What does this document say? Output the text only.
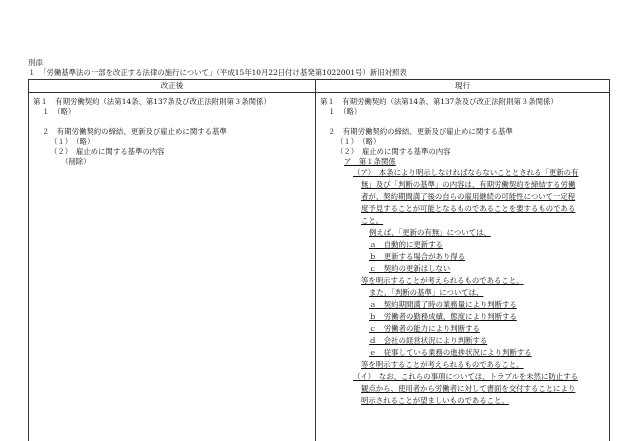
別添
１　「労働基準法の一部を改正する法律の施行について」（平成15年10月22日付け基発第1022001号）新旧対照表
改正後	現行
第１　有期労働契約（法第14条、第137条及び改正法附則第３条関係）
１　（略）
２　有期労働契約の締結、更新及び雇止めに関する基準
（１）　（略）
（２）　雇止めに関する基準の内容
（削除）
第１　有期労働契約（法第14条、第137条及び改正法附則第３条関係）
１　（略）
２　有期労働契約の締結、更新及び雇止めに関する基準
（１）　（略）
（２）　雇止めに関する基準の内容
ア　第１条関係
（ア）　本条により明示しなければならないこととされる「更新の有
無」及び「判断の基準」の内容は、有期労働契約を締結する労働
者が、契約期間満了後の自らの雇用継続の可能性について一定程
度予見することが可能となるものであることを要するものである
こと。
例えば、「更新の有無」については、
ａ　自動的に更新する
ｂ　更新する場合があり得る
ｃ　契約の更新はしない
等を明示することが考えられるものであること。
また、「判断の基準」については、
ａ　契約期間満了時の業務量により判断する
ｂ　労働者の勤務成績、態度により判断する
ｃ　労働者の能力により判断する
ｄ　会社の経営状況により判断する
ｅ　従事している業務の進捗状況により判断する
等を明示することが考えられるものであること。
（イ）　なお、これらの事項については、トラブルを未然に防止する
観点から、使用者から労働者に対して書面を交付することにより
明示されることが望ましいものであること。
